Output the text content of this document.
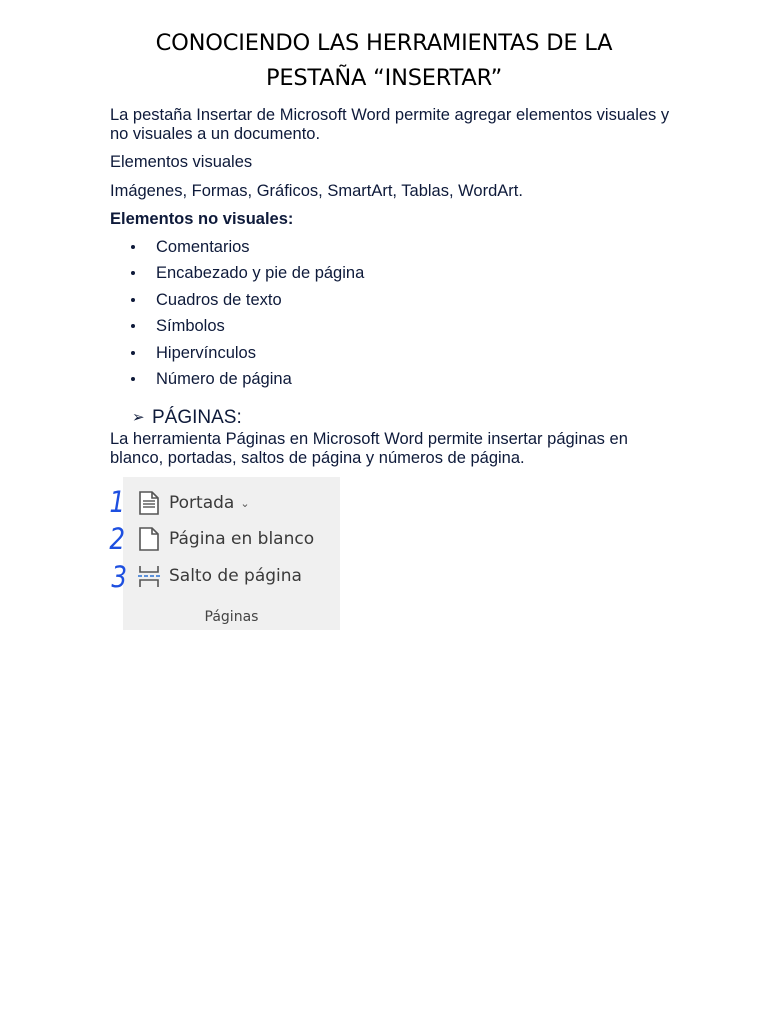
CONOCIENDO LAS HERRAMIENTAS DE LA
PESTAÑA “INSERTAR”

La pestaña Insertar de Microsoft Word permite agregar elementos visuales y no visuales a un documento.

Elementos visuales

Imágenes, Formas, Gráficos, SmartArt, Tablas, WordArt.

Elementos no visuales:

Comentarios
Encabezado y pie de página
Cuadros de texto
Símbolos
Hipervínculos
Número de página
➢ PÁGINAS:

La herramienta Páginas en Microsoft Word permite insertar páginas en blanco, portadas, saltos de página y números de página.

Portada ⌄
Página en blanco
Salto de página
Páginas
1
2
3
